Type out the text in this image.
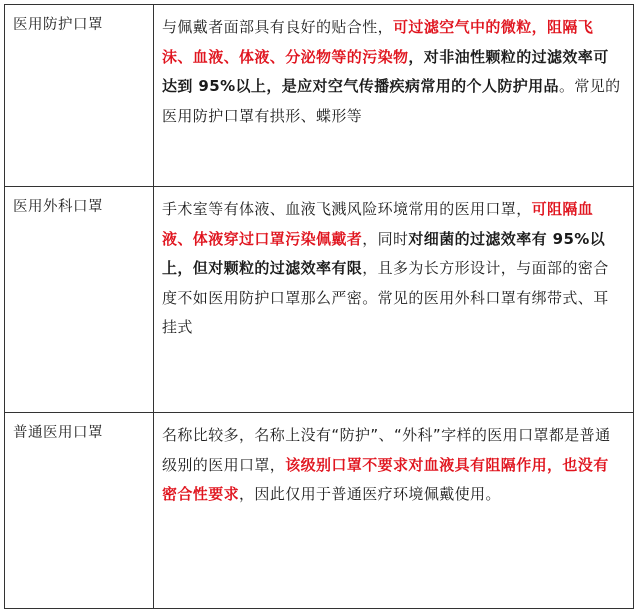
医用防护口罩	与佩戴者面部具有良好的贴合性，可过滤空气中的微粒，阻隔飞沫、血液、体液、分泌物等的污染物，对非油性颗粒的过滤效率可达到 95%以上，是应对空气传播疾病常用的个人防护用品。常见的医用防护口罩有拱形、蝶形等
医用外科口罩	手术室等有体液、血液飞溅风险环境常用的医用口罩，可阻隔血液、体液穿过口罩污染佩戴者，同时对细菌的过滤效率有 95%以上，但对颗粒的过滤效率有限，且多为长方形设计，与面部的密合度不如医用防护口罩那么严密。常见的医用外科口罩有绑带式、耳挂式
普通医用口罩	名称比较多，名称上没有“防护”、“外科”字样的医用口罩都是普通级别的医用口罩，该级别口罩不要求对血液具有阻隔作用，也没有密合性要求，因此仅用于普通医疗环境佩戴使用。
